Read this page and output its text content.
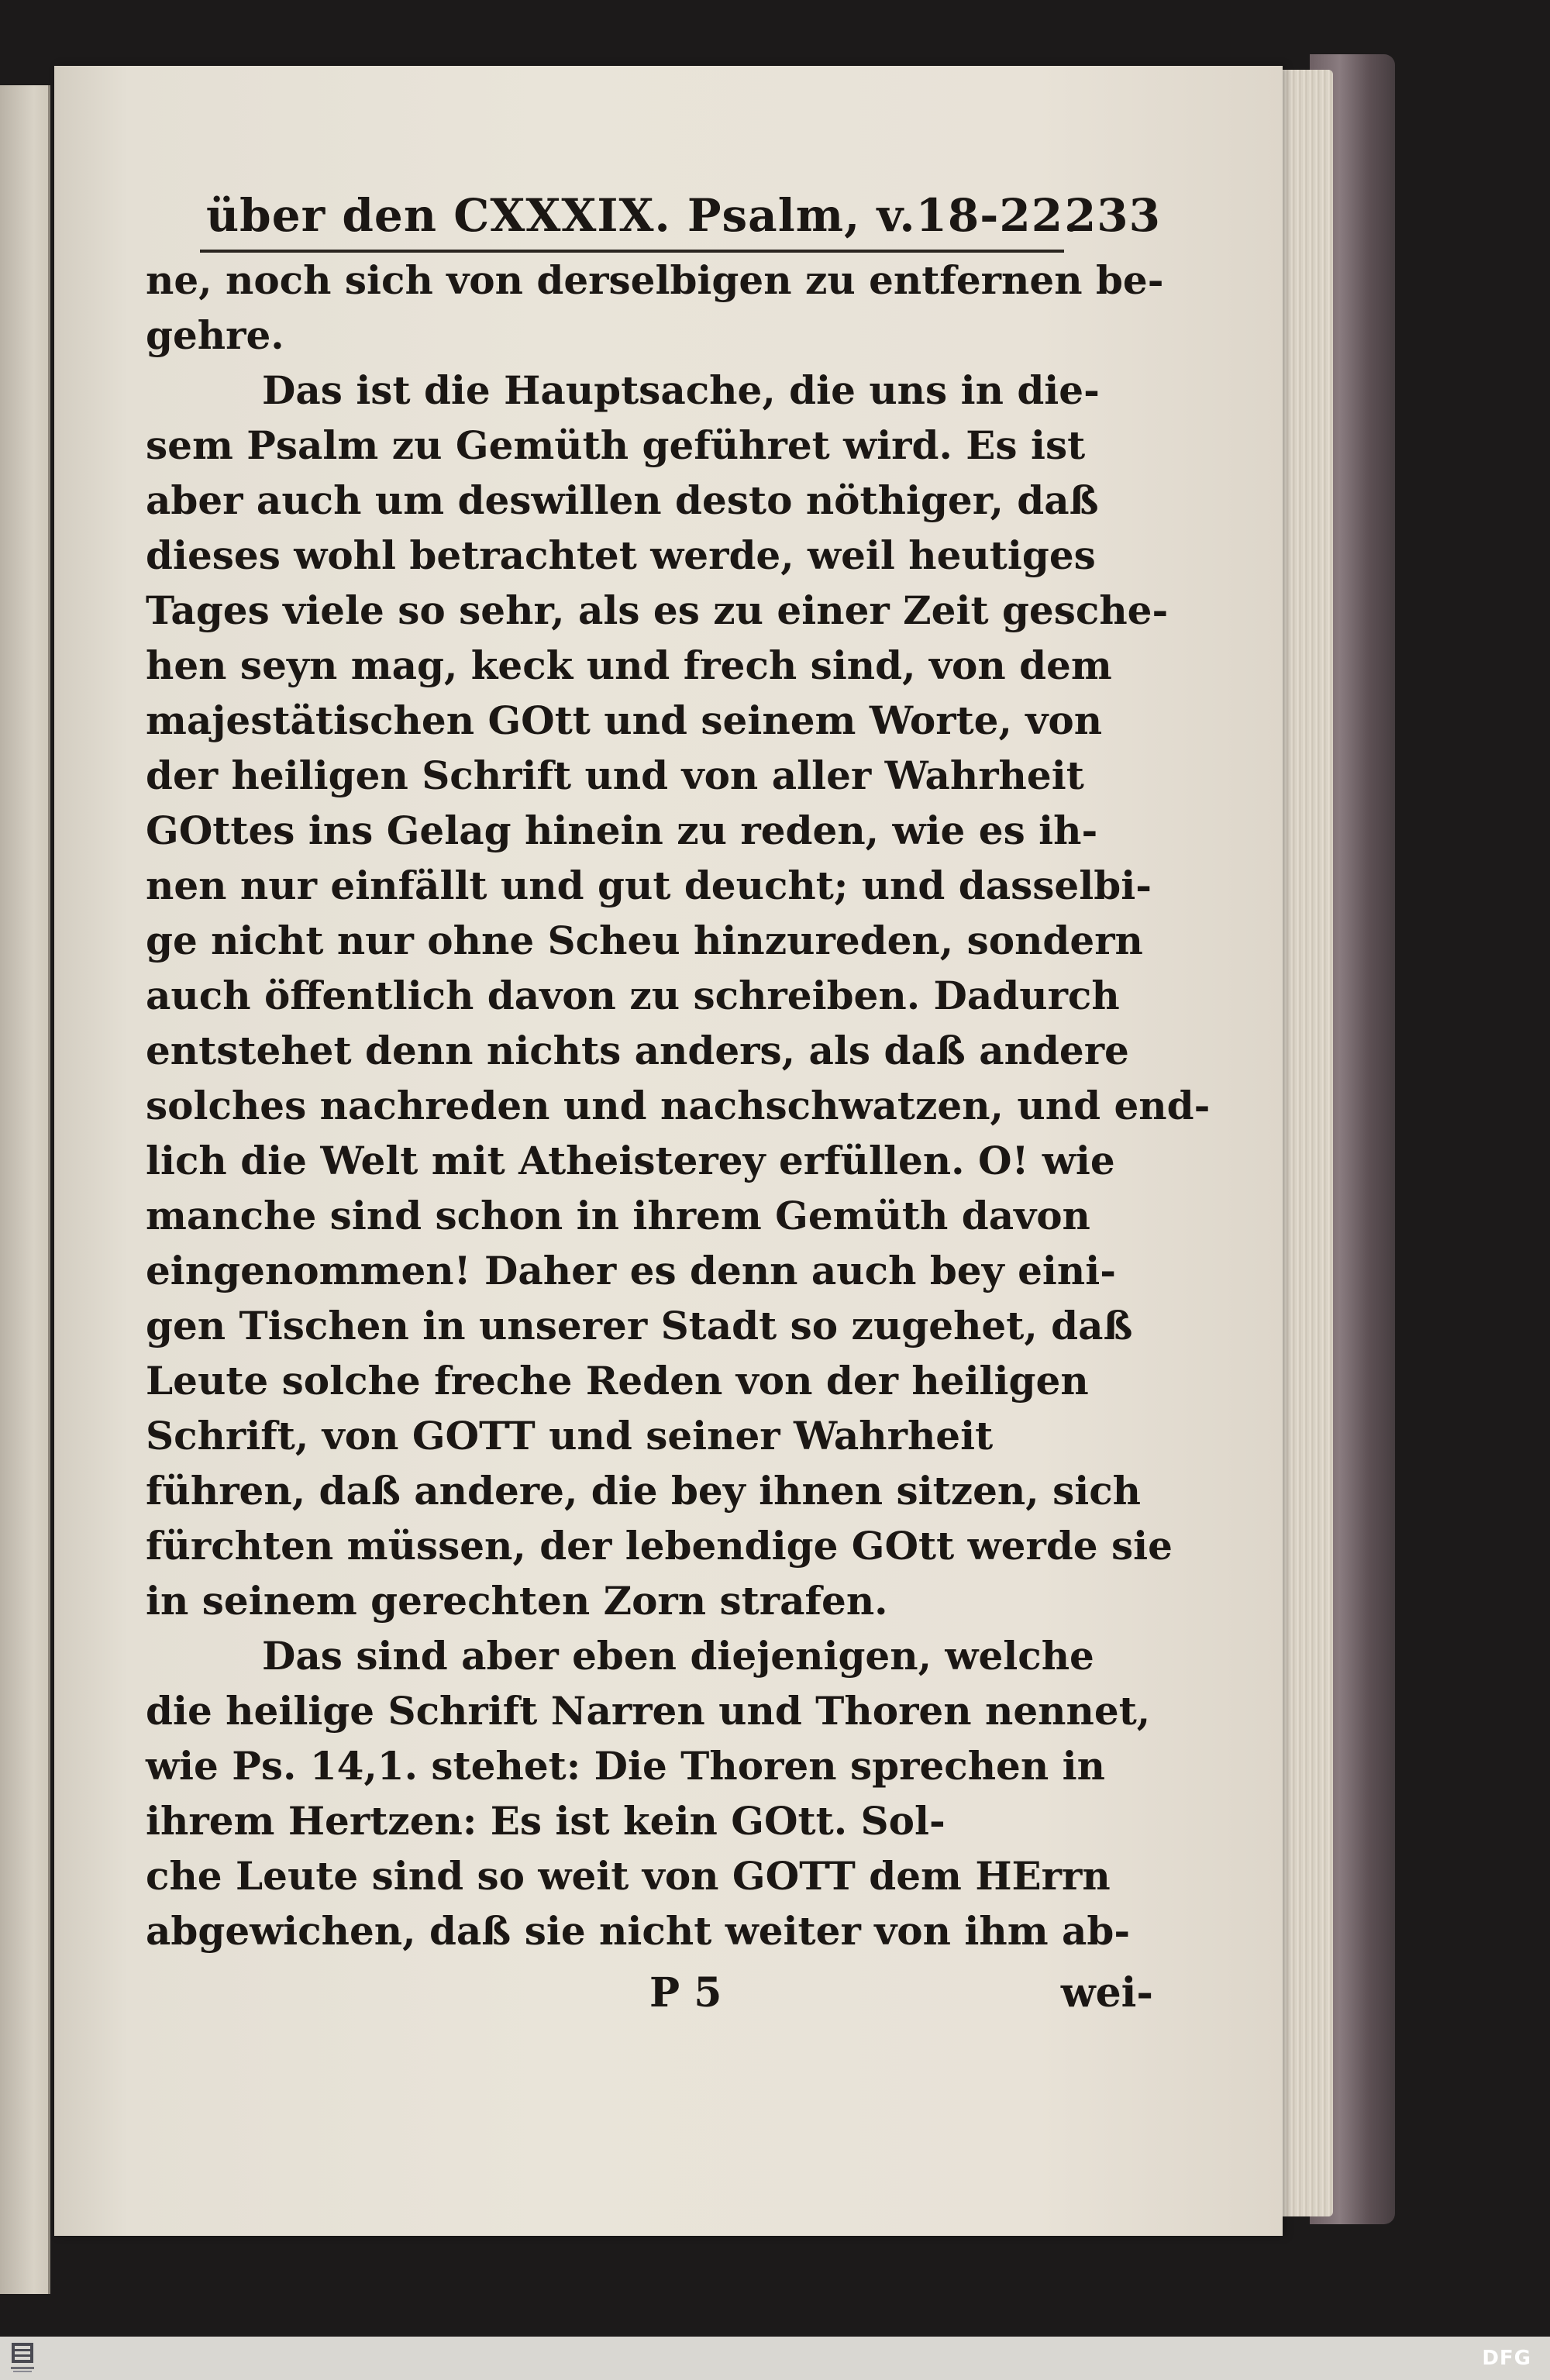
über den CXXXIX. Psalm, v.18-22.
233
ne, noch sich von derselbigen zu entfernen be-
gehre.
Das ist die Hauptsache, die uns in die-
sem Psalm zu Gemüth geführet wird. Es ist
aber auch um deswillen desto nöthiger, daß
dieses wohl betrachtet werde, weil heutiges
Tages viele so sehr, als es zu einer Zeit gesche-
hen seyn mag, keck und frech sind, von dem
majestätischen GOtt und seinem Worte, von
der heiligen Schrift und von aller Wahrheit
GOttes ins Gelag hinein zu reden, wie es ih-
nen nur einfällt und gut deucht; und dasselbi-
ge nicht nur ohne Scheu hinzureden, sondern
auch öffentlich davon zu schreiben. Dadurch
entstehet denn nichts anders, als daß andere
solches nachreden und nachschwatzen, und end-
lich die Welt mit Atheisterey erfüllen. O! wie
manche sind schon in ihrem Gemüth davon
eingenommen! Daher es denn auch bey eini-
gen Tischen in unserer Stadt so zugehet, daß
Leute solche freche Reden von der heiligen
Schrift, von GOTT und seiner Wahrheit
führen, daß andere, die bey ihnen sitzen, sich
fürchten müssen, der lebendige GOtt werde sie
in seinem gerechten Zorn strafen.
Das sind aber eben diejenigen, welche
die heilige Schrift Narren und Thoren nennet,
wie Ps. 14,1. stehet: Die Thoren sprechen in
ihrem Hertzen: Es ist kein GOtt. Sol-
che Leute sind so weit von GOTT dem HErrn
abgewichen, daß sie nicht weiter von ihm ab-
P 5	wei-
DFG
